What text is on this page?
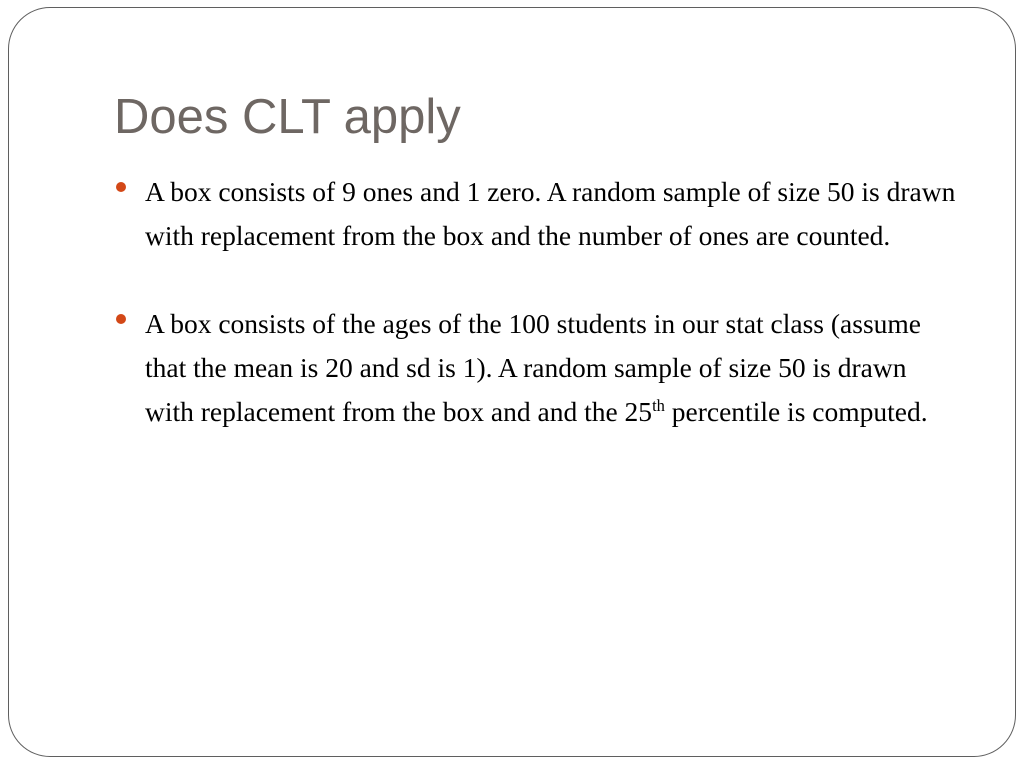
Does CLT apply
A box consists of 9 ones and 1 zero. A random sample of size 50 is drawn with replacement from the box and the number of ones are counted.
A box consists of the ages of the 100 students in our stat class (assume that the mean is 20 and sd is 1). A random sample of size 50 is drawn with replacement from the box and and the 25th percentile is computed.
